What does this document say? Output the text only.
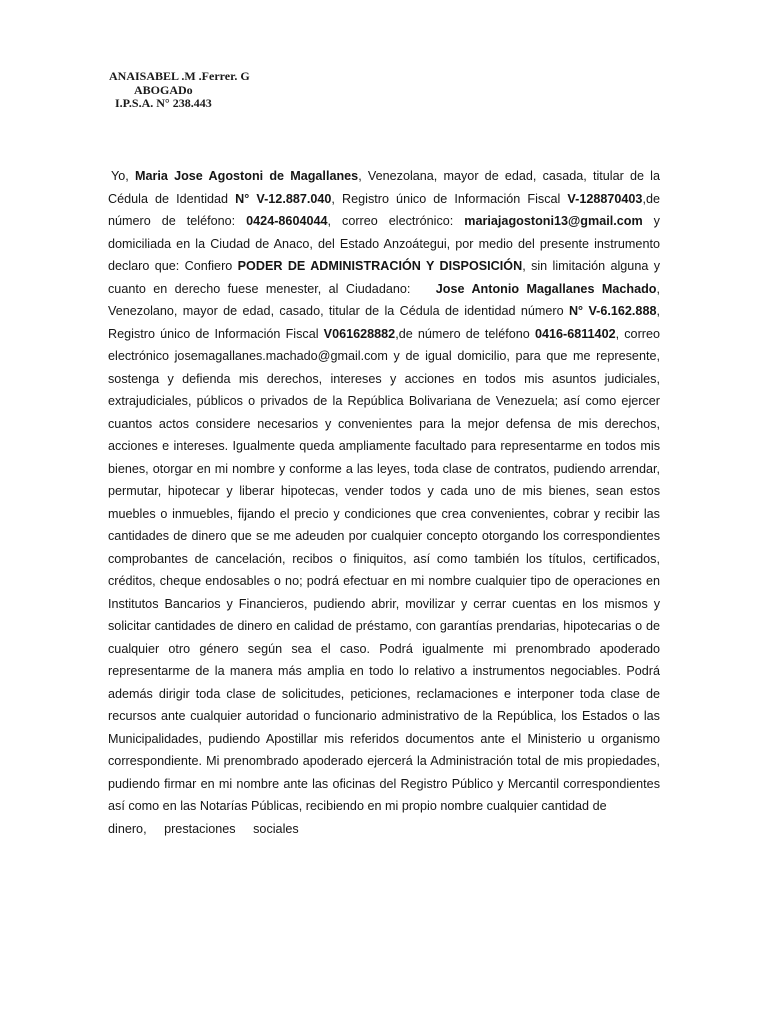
ANAISABEL .M .Ferrer. G
ABOGADo
I.P.S.A. N° 238.443
Yo, Maria Jose Agostoni de Magallanes, Venezolana, mayor de edad, casada, titular de la Cédula de Identidad N° V-12.887.040, Registro único de Información Fiscal V-128870403,de número de teléfono: 0424-8604044, correo electrónico: mariajagostoni13@gmail.com y domiciliada en la Ciudad de Anaco, del Estado Anzoátegui, por medio del presente instrumento declaro que: Confiero PODER DE ADMINISTRACIÓN Y DISPOSICIÓN, sin limitación alguna y cuanto en derecho fuese menester, al Ciudadano: Jose Antonio Magallanes Machado, Venezolano, mayor de edad, casado, titular de la Cédula de identidad número N° V-6.162.888, Registro único de Información Fiscal V061628882,de número de teléfono 0416-6811402, correo electrónico josemagallanes.machado@gmail.com y de igual domicilio, para que me represente, sostenga y defienda mis derechos, intereses y acciones en todos mis asuntos judiciales, extrajudiciales, públicos o privados de la República Bolivariana de Venezuela; así como ejercer cuantos actos considere necesarios y convenientes para la mejor defensa de mis derechos, acciones e intereses. Igualmente queda ampliamente facultado para representarme en todos mis bienes, otorgar en mi nombre y conforme a las leyes, toda clase de contratos, pudiendo arrendar, permutar, hipotecar y liberar hipotecas, vender todos y cada uno de mis bienes, sean estos muebles o inmuebles, fijando el precio y condiciones que crea convenientes, cobrar y recibir las cantidades de dinero que se me adeuden por cualquier concepto otorgando los correspondientes comprobantes de cancelación, recibos o finiquitos, así como también los títulos, certificados, créditos, cheque endosables o no; podrá efectuar en mi nombre cualquier tipo de operaciones en Institutos Bancarios y Financieros, pudiendo abrir, movilizar y cerrar cuentas en los mismos y solicitar cantidades de dinero en calidad de préstamo, con garantías prendarias, hipotecarias o de cualquier otro género según sea el caso. Podrá igualmente mi prenombrado apoderado representarme de la manera más amplia en todo lo relativo a instrumentos negociables. Podrá además dirigir toda clase de solicitudes, peticiones, reclamaciones e interponer toda clase de recursos ante cualquier autoridad o funcionario administrativo de la República, los Estados o las Municipalidades, pudiendo Apostillar mis referidos documentos ante el Ministerio u organismo correspondiente. Mi prenombrado apoderado ejercerá la Administración total de mis propiedades, pudiendo firmar en mi nombre ante las oficinas del Registro Público y Mercantil correspondientes así como en las Notarías Públicas, recibiendo en mi propio nombre cualquier cantidad de
dinero, prestaciones sociales
